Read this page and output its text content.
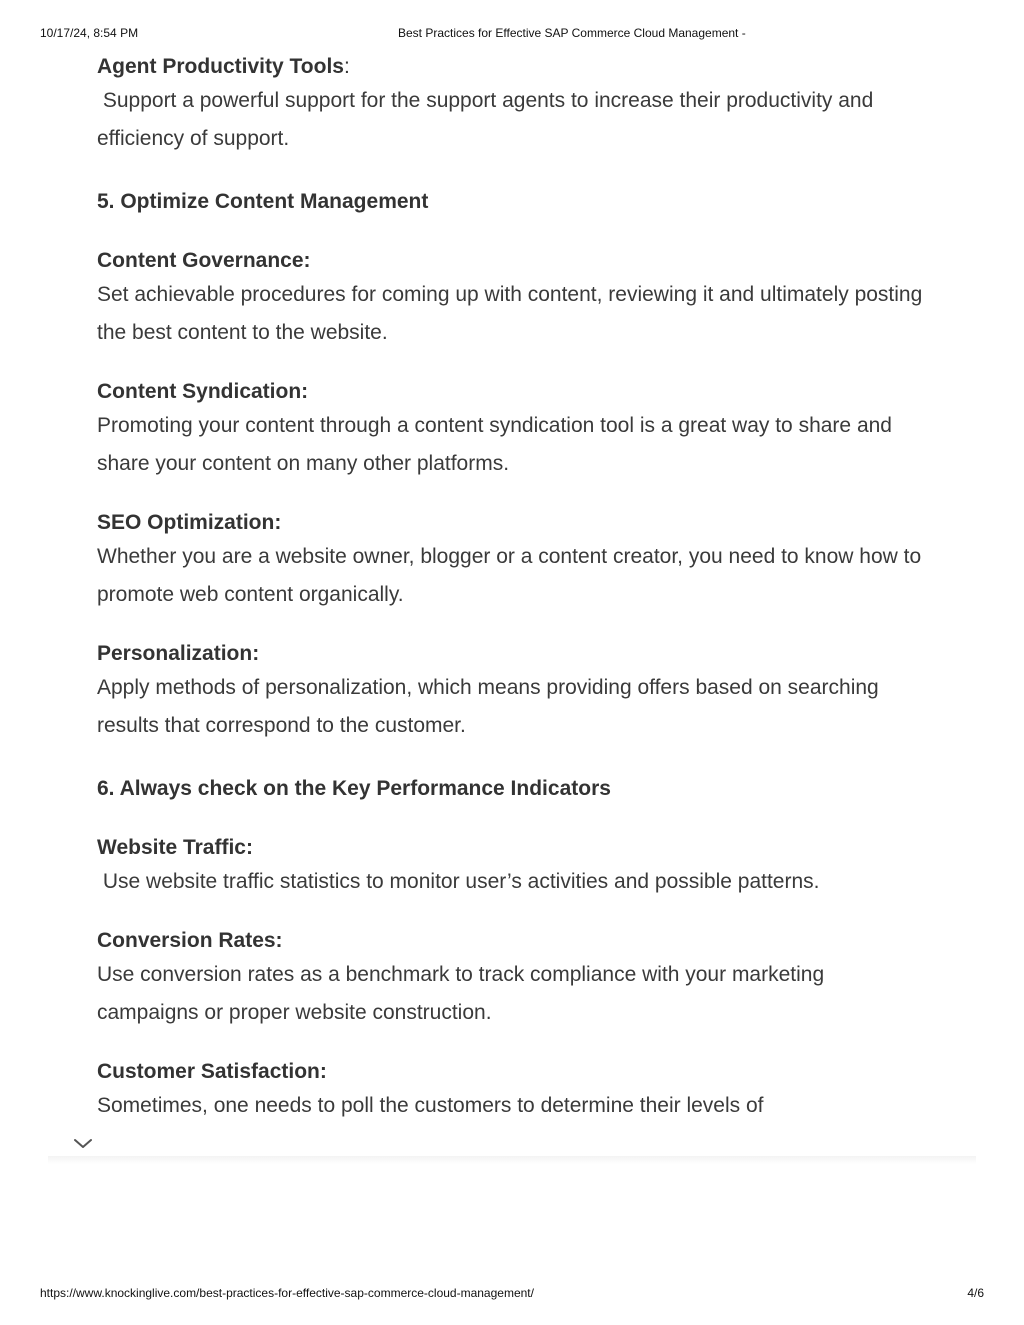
10/17/24, 8:54 PM	Best Practices for Effective SAP Commerce Cloud Management -

Agent Productivity Tools:

Support a powerful support for the support agents to increase their productivity and efficiency of support.

5. Optimize Content Management

Content Governance:

Set achievable procedures for coming up with content, reviewing it and ultimately posting the best content to the website.

Content Syndication:

Promoting your content through a content syndication tool is a great way to share and share your content on many other platforms.

SEO Optimization:

Whether you are a website owner, blogger or a content creator, you need to know how to promote web content organically.

Personalization:

Apply methods of personalization, which means providing offers based on searching results that correspond to the customer.

6. Always check on the Key Performance Indicators

Website Traffic:

Use website traffic statistics to monitor user’s activities and possible patterns.

Conversion Rates:

Use conversion rates as a benchmark to track compliance with your marketing campaigns or proper website construction.

Customer Satisfaction:

Sometimes, one needs to poll the customers to determine their levels of

https://www.knockinglive.com/best-practices-for-effective-sap-commerce-cloud-management/	4/6
